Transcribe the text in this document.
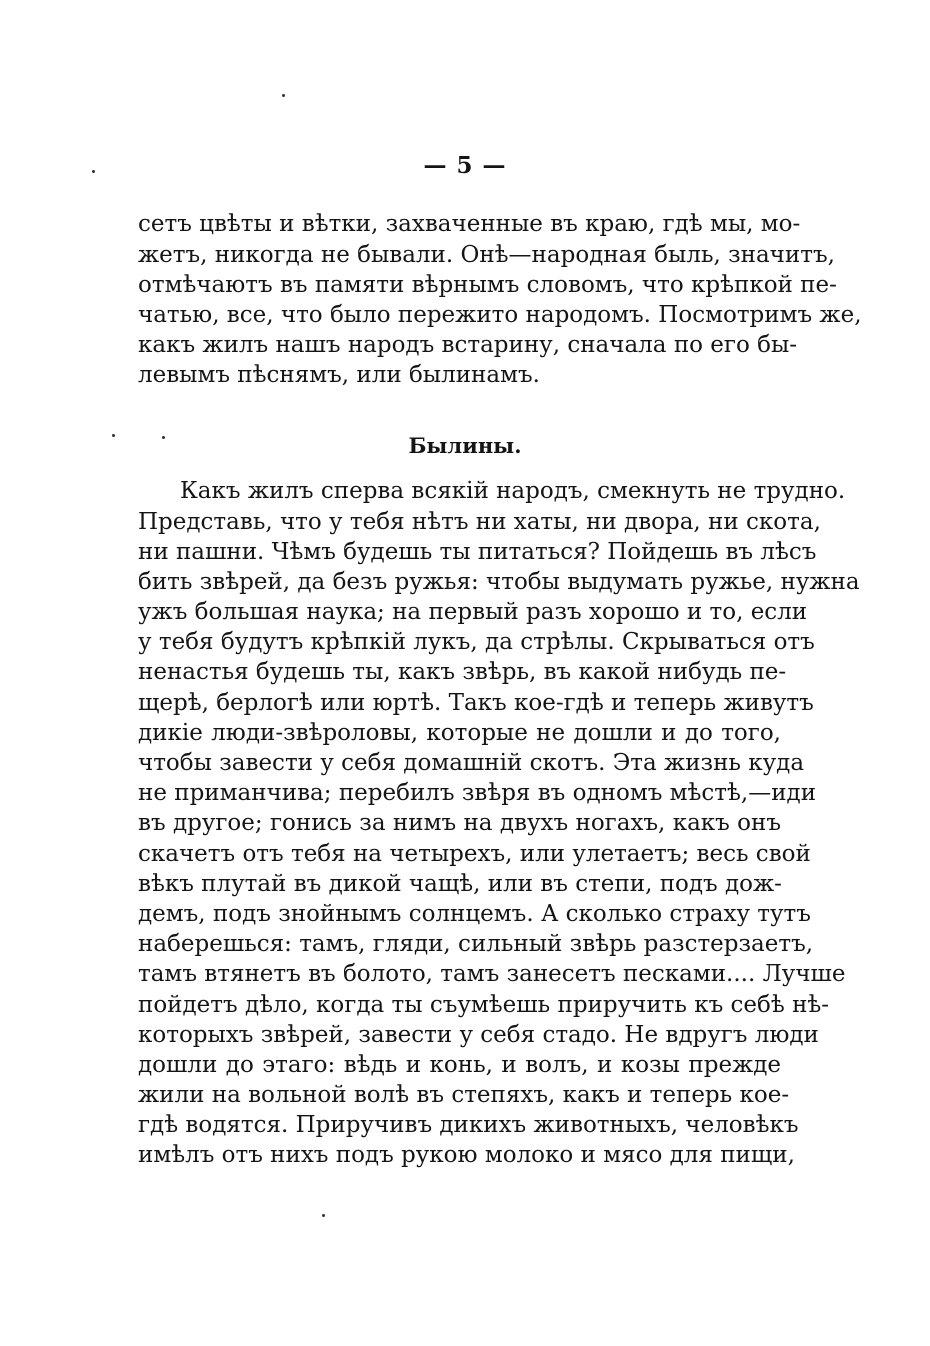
— 5 —
сетъ цвѣты и вѣтки, захваченные въ краю, гдѣ мы, мо-
жетъ, никогда не бывали. Онѣ—народная быль, значитъ,
отмѣчаютъ въ памяти вѣрнымъ словомъ, что крѣпкой пе-
чатью, все, что было пережито народомъ. Посмотримъ же,
какъ жилъ нашъ народъ встарину, сначала по его бы-
левымъ пѣснямъ, или былинамъ.
Былины.
Какъ жилъ сперва всякій народъ, смекнуть не трудно.
Представь, что у тебя нѣтъ ни хаты, ни двора, ни скота,
ни пашни. Чѣмъ будешь ты питаться? Пойдешь въ лѣсъ
бить звѣрей, да безъ ружья: чтобы выдумать ружье, нужна
ужъ большая наука; на первый разъ хорошо и то, если
у тебя будутъ крѣпкій лукъ, да стрѣлы. Скрываться отъ
ненастья будешь ты, какъ звѣрь, въ какой нибудь пе-
щерѣ, берлогѣ или юртѣ. Такъ кое-гдѣ и теперь живутъ
дикіе люди-звѣроловы, которые не дошли и до того,
чтобы завести у себя домашній скотъ. Эта жизнь куда
не приманчива; перебилъ звѣря въ одномъ мѣстѣ,—иди
въ другое; гонись за нимъ на двухъ ногахъ, какъ онъ
скачетъ отъ тебя на четырехъ, или улетаетъ; весь свой
вѣкъ плутай въ дикой чащѣ, или въ степи, подъ дож-
демъ, подъ знойнымъ солнцемъ. А сколько страху тутъ
наберешься: тамъ, гляди, сильный звѣрь разстерзаетъ,
тамъ втянетъ въ болото, тамъ занесетъ песками.... Лучше
пойдетъ дѣло, когда ты съумѣешь приручить къ себѣ нѣ-
которыхъ звѣрей, завести у себя стадо. Не вдругъ люди
дошли до этаго: вѣдь и конь, и волъ, и козы прежде
жили на вольной волѣ въ степяхъ, какъ и теперь кое-
гдѣ водятся. Приручивъ дикихъ животныхъ, человѣкъ
имѣлъ отъ нихъ подъ рукою молоко и мясо для пищи,
